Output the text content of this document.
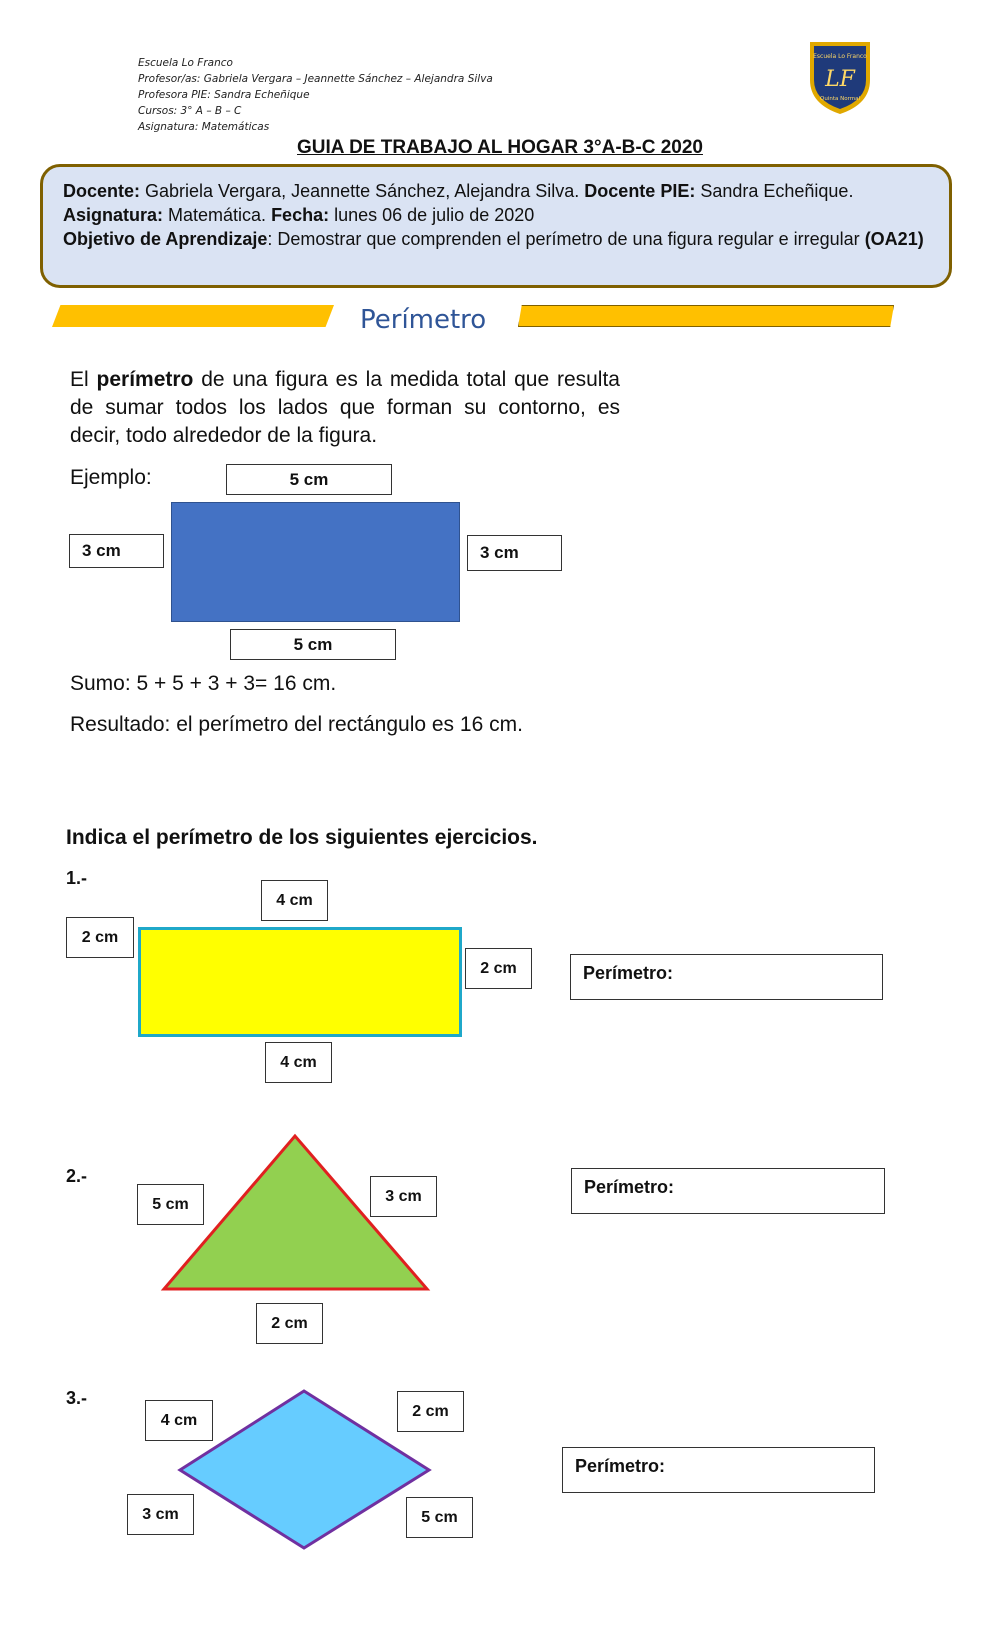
Escuela Lo Franco
Profesor/as: Gabriela Vergara – Jeannette Sánchez – Alejandra Silva
Profesora PIE: Sandra Echeñique
Cursos: 3° A – B – C
Asignatura: Matemáticas
Escuela Lo Franco
LF
Quinta Normal
GUIA DE TRABAJO AL HOGAR 3°A-B-C 2020
Docente: Gabriela Vergara, Jeannette Sánchez, Alejandra Silva. Docente PIE: Sandra Echeñique.
Asignatura: Matemática. Fecha: lunes 06 de julio de 2020
Objetivo de Aprendizaje: Demostrar que comprenden el perímetro de una figura regular e irregular (OA21)
Perímetro
El perímetro de una figura es la medida total que resulta de sumar todos los lados que forman su contorno, es decir, todo alrededor de la figura.
Ejemplo:	5 cm
3 cm	3 cm
5 cm
Sumo: 5 + 5 + 3 + 3= 16 cm.
Resultado: el perímetro del rectángulo es 16 cm.
Indica el perímetro de los siguientes ejercicios.
1.-
4 cm
2 cm
2 cm
4 cm
Perímetro:
2.-
5 cm	3 cm
2 cm
Perímetro:
3.-
4 cm
2 cm
3 cm	5 cm
Perímetro:
